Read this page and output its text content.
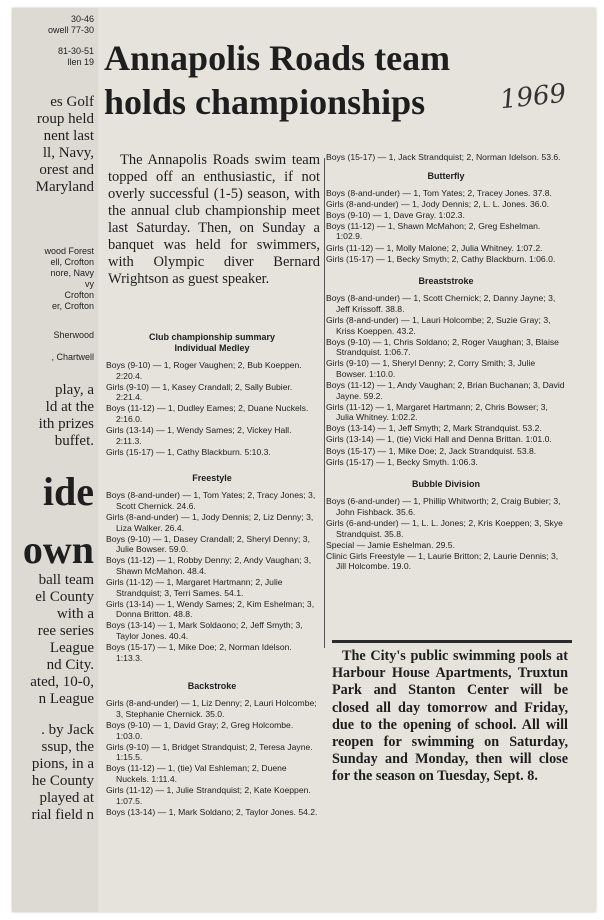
30-46
owell 77-30
81-30-51
llen 19
es Golf
roup held
nent last
ll, Navy,
orest and
Maryland
wood Forest
ell, Crofton
nore, Navy
vy
Crofton
er, Crofton
Sherwood
, Chartwell
play, a
ld at the
ith prizes
buffet.
ide
own
ball team
el County
with a
ree series
League
nd City.
ated, 10-0,
n League
. by Jack
ssup, the
pions, in a
he County
played at
rial field n
Annapolis Roads team
holds championships	1969

The Annapolis Roads swim team topped off an enthusiastic, if not overly successful (1-5) season, with the annual club championship meet last Saturday. Then, on Sunday a banquet was held for swimmers, with Olympic diver Bernard Wrightson as guest speaker.

Club championship summary
Individual Medley

Boys (9-10) — 1, Roger Vaughen; 2, Bub Koeppen. 2:20.4.

Girls (9-10) — 1, Kasey Crandall; 2, Sally Bubier. 2:21.4.

Boys (11-12) — 1, Dudley Eames; 2, Duane Nuckels. 2:16.0.

Girls (13-14) — 1, Wendy Sames; 2, Vickey Hall. 2:11.3.

Girls (15-17) — 1, Cathy Blackburn. 5:10.3.

Freestyle

Boys (8-and-under) — 1, Tom Yates; 2, Tracy Jones; 3, Scott Chernick. 24.6.

Girls (8-and-under) — 1, Jody Dennis; 2, Liz Denny; 3, Liza Walker. 26.4.

Boys (9-10) — 1, Dasey Crandall; 2, Sheryl Denny; 3, Julie Bowser. 59.0.

Boys (11-12) — 1, Robby Denny; 2, Andy Vaughan; 3, Shawn McMahon. 48.4.

Girls (11-12) — 1, Margaret Hartmann; 2, Julie Strandquist; 3, Terri Sames. 54.1.

Girls (13-14) — 1, Wendy Sames; 2, Kim Eshelman; 3, Donna Britton. 48.8.

Boys (13-14) — 1, Mark Soldaono; 2, Jeff Smyth; 3, Taylor Jones. 40.4.

Boys (15-17) — 1, Mike Doe; 2, Norman Idelson. 1:13.3.

Backstroke

Girls (8-and-under) — 1, Liz Denny; 2, Lauri Holcombe; 3, Stephanie Chernick. 35.0.

Boys (9-10) — 1, David Gray; 2, Greg Holcombe. 1:03.0.

Girls (9-10) — 1, Bridget Strandquist; 2, Teresa Jayne. 1:15.5.

Boys (11-12) — 1, (tie) Val Eshleman; 2, Duene Nuckels. 1:11.4.

Girls (11-12) — 1, Julie Strandquist; 2, Kate Koeppen. 1:07.5.

Boys (13-14) — 1, Mark Soldano; 2, Taylor Jones. 54.2.

Boys (15-17) — 1, Jack Strandquist; 2, Norman Idelson. 53.6.

Butterfly

Boys (8-and-under) — 1, Tom Yates; 2, Tracey Jones. 37.8.

Girls (8-and-under) — 1, Jody Dennis; 2, L. L. Jones. 36.0.

Boys (9-10) — 1, Dave Gray. 1:02.3.

Boys (11-12) — 1, Shawn McMahon; 2, Greg Eshelman. 1:02.9.

Girls (11-12) — 1, Molly Malone; 2, Julia Whitney. 1:07.2.

Girls (15-17) — 1, Becky Smyth; 2, Cathy Blackburn. 1:06.0.

Breaststroke

Boys (8-and-under) — 1, Scott Chernick; 2, Danny Jayne; 3, Jeff Krissoff. 38.8.

Girls (8-and-under) — 1, Lauri Holcombe; 2, Suzie Gray; 3, Kriss Koeppen. 43.2.

Boys (9-10) — 1, Chris Soldano; 2, Roger Vaughan; 3, Blaise Strandquist. 1:06.7.

Girls (9-10) — 1, Sheryl Denny; 2, Corry Smith; 3, Julie Bowser. 1:10.0.

Boys (11-12) — 1, Andy Vaughan; 2, Brian Buchanan; 3, David Jayne. 59.2.

Girls (11-12) — 1, Margaret Hartmann; 2, Chris Bowser; 3, Julia Whitney. 1:02.2.

Boys (13-14) — 1, Jeff Smyth; 2, Mark Strandquist. 53.2.

Girls (13-14) — 1, (tie) Vicki Hall and Denna Brittan. 1:01.0.

Boys (15-17) — 1, Mike Doe; 2, Jack Strandquist. 53.8.

Girls (15-17) — 1, Becky Smyth. 1:06.3.

Bubble Division

Boys (6-and-under) — 1, Phillip Whitworth; 2, Craig Bubier; 3, John Fishback. 35.6.

Girls (6-and-under) — 1, L. L. Jones; 2, Kris Koeppen; 3, Skye Strandquist. 35.8.

Special — Jamie Eshelman. 29.5.

Clinic Girls Freestyle — 1, Laurie Britton; 2, Laurie Dennis; 3, Jill Holcombe. 19.0.

The City's public swimming pools at Harbour House Apartments, Truxtun Park and Stanton Center will be closed all day tomorrow and Friday, due to the opening of school. All will reopen for swimming on Saturday, Sunday and Monday, then will close for the season on Tuesday, Sept. 8.
